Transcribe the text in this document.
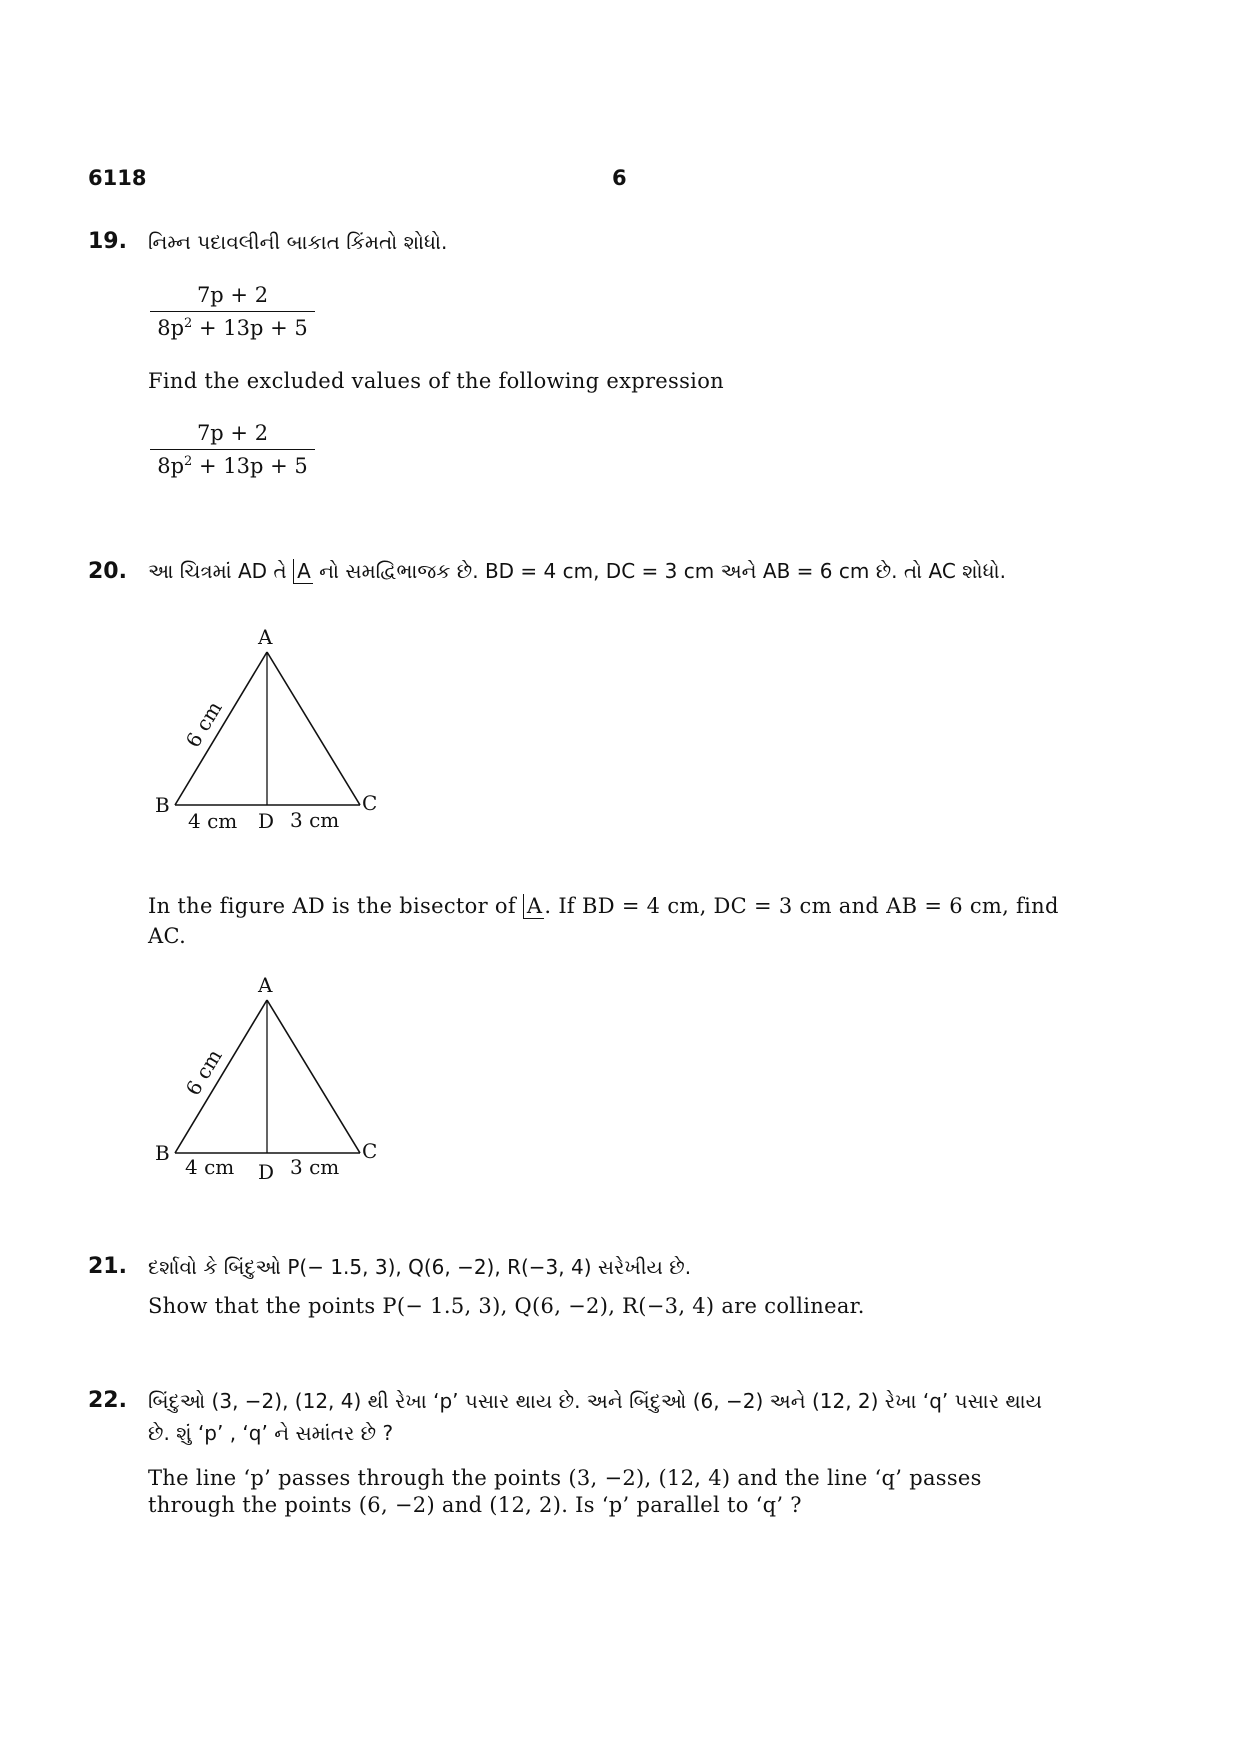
6118	6
19. નિમ્ન પદાવલીની બાકાત કિંમતો શોધો.
$\frac{7p + 2}{8p^2 + 13p + 5}$
Find the excluded values of the following expression
$\frac{7p + 2}{8p^2 + 13p + 5}$
20. આ ચિત્રમાં AD તે A નો સમદ્વિભાજક છે. BD = 4 cm, DC = 3 cm અને AB = 6 cm છે. તો AC શોધો.
A
B	C
D
4 cm	3 cm
6 cm
In the figure AD is the bisector of A. If BD = 4 cm, DC = 3 cm and AB = 6 cm, find
AC.
A
B	C
D
4 cm	3 cm
6 cm
21. દર્શાવો કે બિંદુઓ P(− 1.5, 3), Q(6, −2), R(−3, 4) સરેખીય છે.
Show that the points P(− 1.5, 3), Q(6, −2), R(−3, 4) are collinear.
22. બિંદુઓ (3, −2), (12, 4) થી રેખા ‘p’ પસાર થાય છે. અને બિંદુઓ (6, −2) અને (12, 2) રેખા ‘q’ પસાર થાય
છે. શું ‘p’ , ‘q’ ને સમાંતર છે ?
The line ‘p’ passes through the points (3, −2), (12, 4) and the line ‘q’ passes
through the points (6, −2) and (12, 2). Is ‘p’ parallel to ‘q’ ?
